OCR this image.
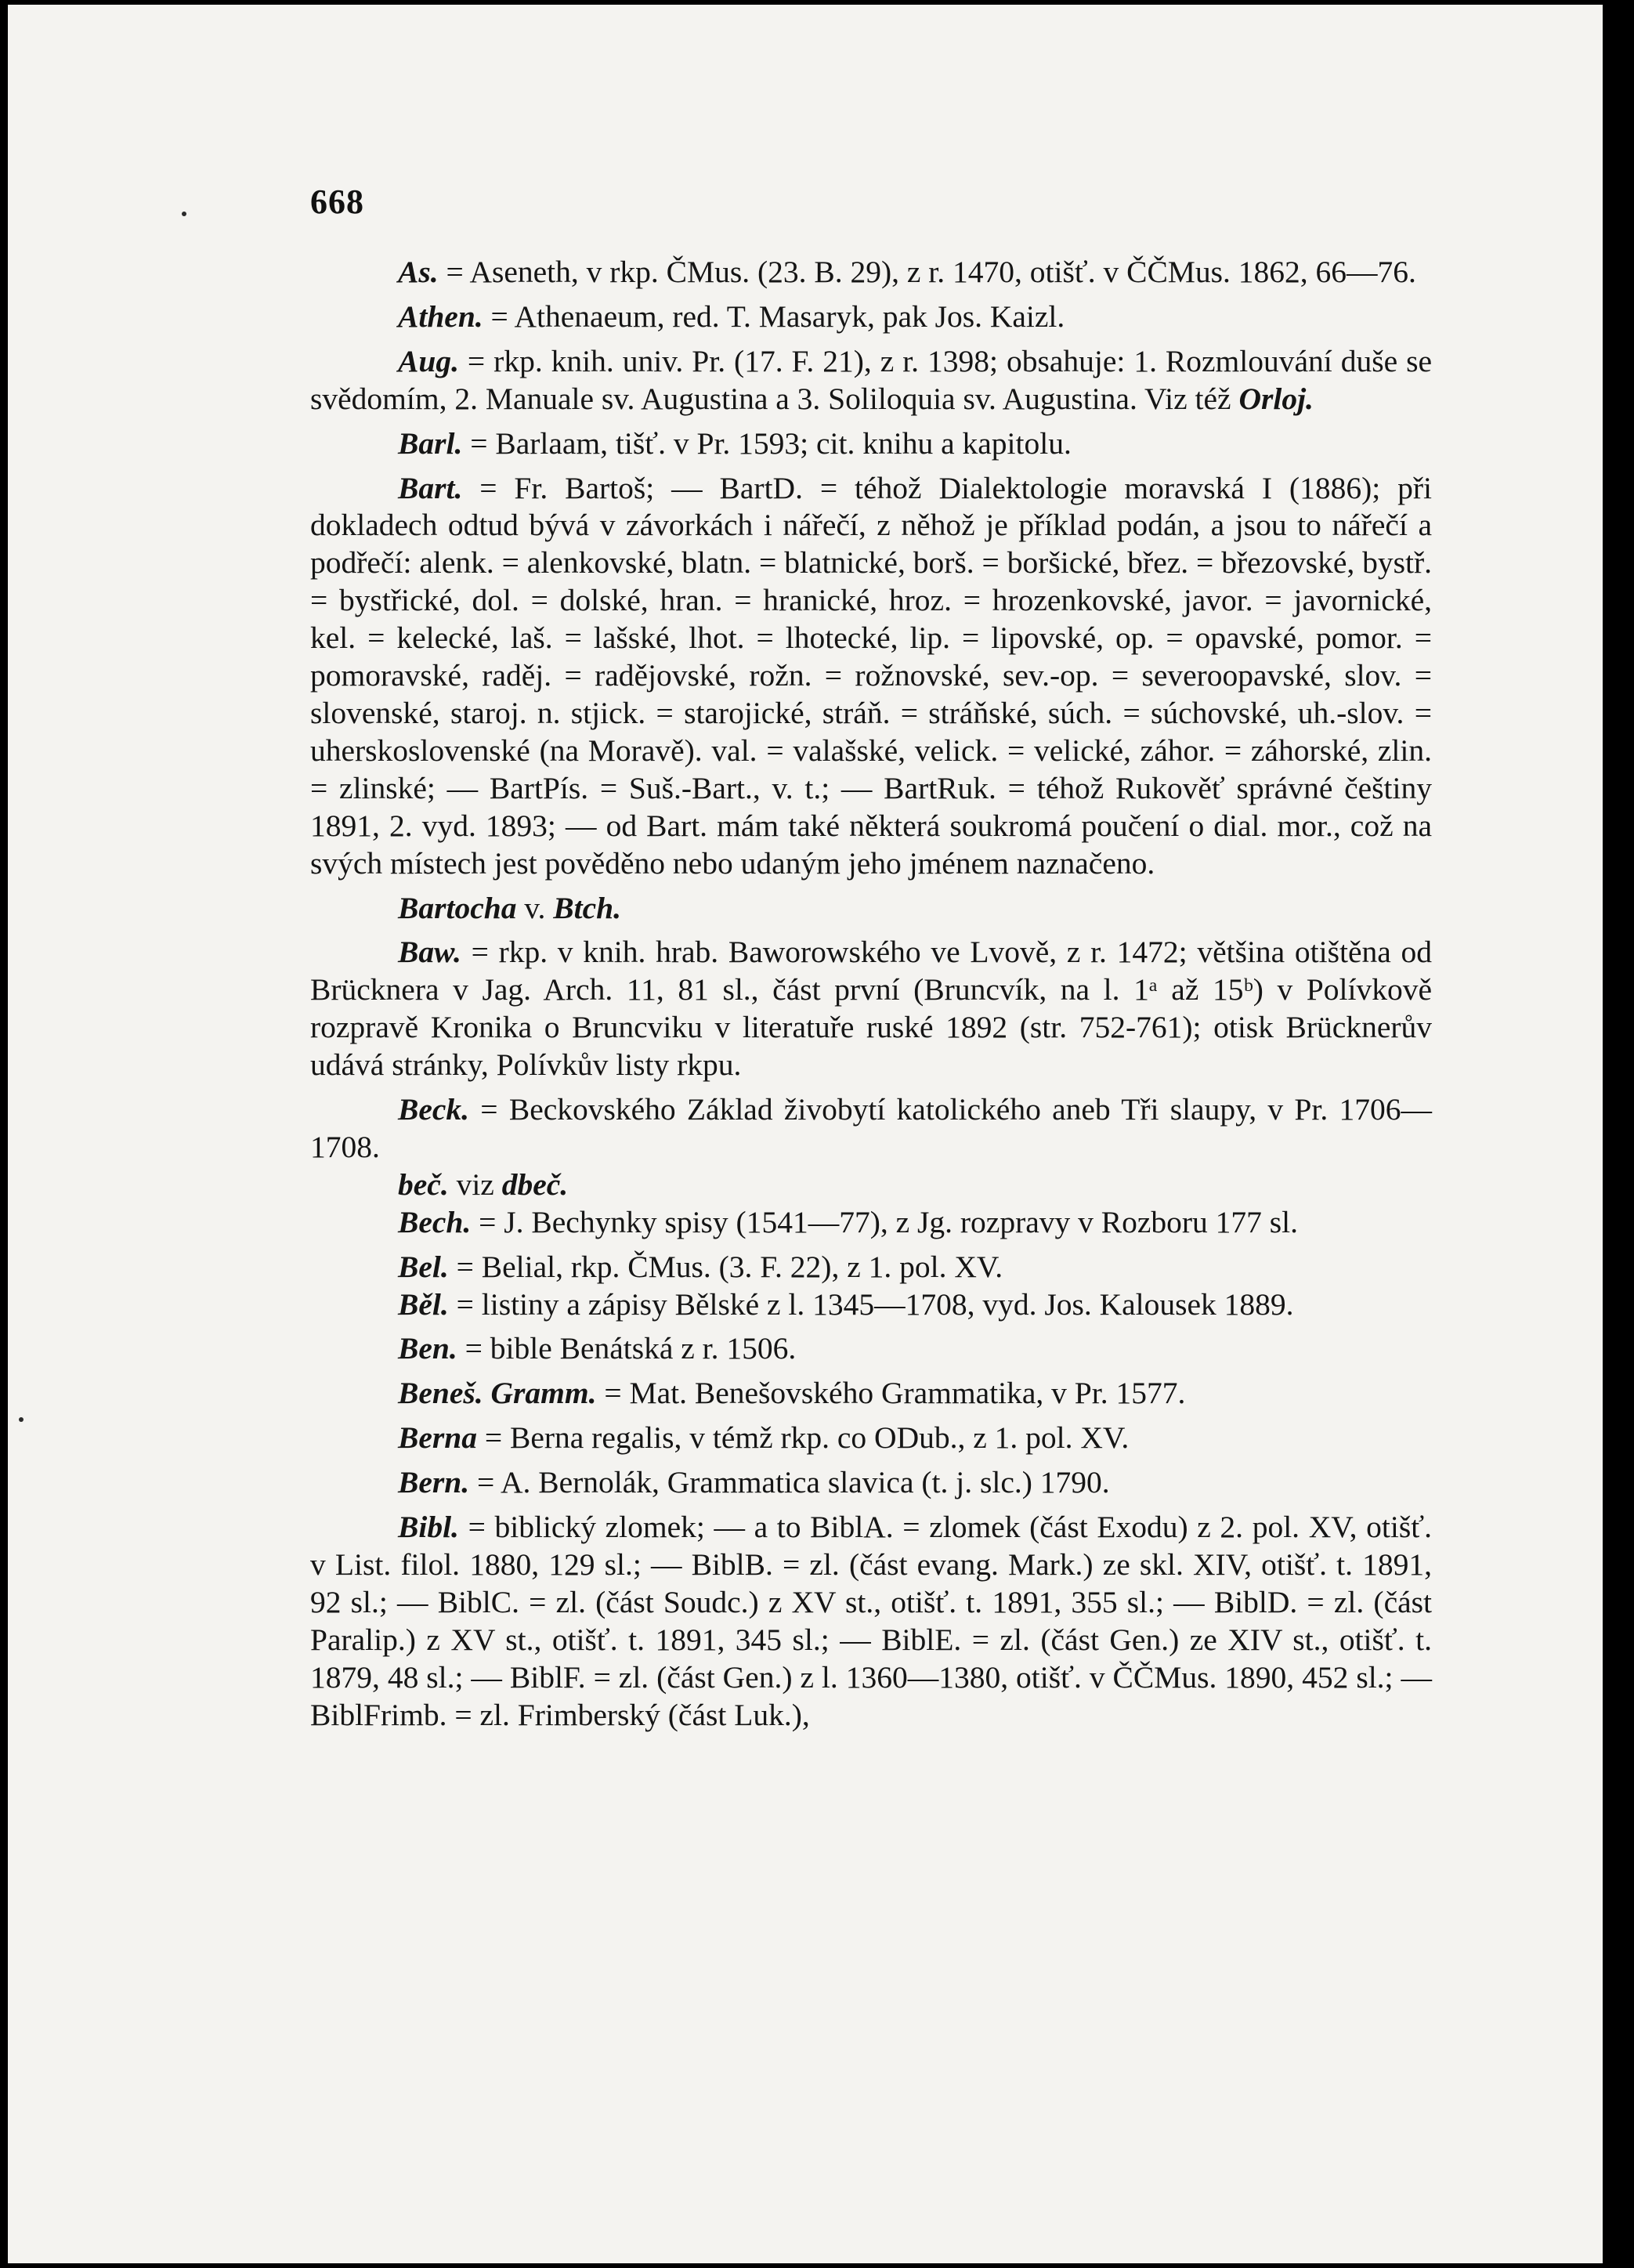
668

As. = Aseneth, v rkp. ČMus. (23. B. 29), z r. 1470, otišť. v ČČMus. 1862, 66—76.

Athen. = Athenaeum, red. T. Masaryk, pak Jos. Kaizl.

Aug. = rkp. knih. univ. Pr. (17. F. 21), z r. 1398; obsahuje: 1. Rozmlouvání duše se svědomím, 2. Manuale sv. Augustina a 3. Soliloquia sv. Augustina. Viz též Orloj.

Barl. = Barlaam, tišť. v Pr. 1593; cit. knihu a kapitolu.

Bart. = Fr. Bartoš; — BartD. = téhož Dialektologie moravská I (1886); při dokladech odtud bývá v závorkách i nářečí, z něhož je příklad podán, a jsou to nářečí a podřečí: alenk. = alenkovské, blatn. = blatnické, borš. = boršické, břez. = březovské, bystř. = bystřické, dol. = dolské, hran. = hranické, hroz. = hrozenkovské, javor. = javornické, kel. = kelecké, laš. = lašské, lhot. = lhotecké, lip. = lipovské, op. = opavské, pomor. = pomoravské, raděj. = radějovské, rožn. = rožnovské, sev.-op. = severoopavské, slov. = slovenské, staroj. n. stjick. = starojické, stráň. = stráňské, súch. = súchovské, uh.-slov. = uherskoslovenské (na Moravě). val. = valašské, velick. = velické, záhor. = záhorské, zlin. = zlinské; — BartPís. = Suš.-Bart., v. t.; — BartRuk. = téhož Rukověť správné češtiny 1891, 2. vyd. 1893; — od Bart. mám také některá soukromá poučení o dial. mor., což na svých místech jest pověděno nebo udaným jeho jménem naznačeno.

Bartocha v. Btch.

Baw. = rkp. v knih. hrab. Baworowského ve Lvově, z r. 1472; většina otištěna od Brücknera v Jag. Arch. 11, 81 sl., část první (Bruncvík, na l. 1ᵃ až 15ᵇ) v Polívkově rozpravě Kronika o Bruncviku v literatuře ruské 1892 (str. 752-761); otisk Brücknerův udává stránky, Polívkův listy rkpu.

Beck. = Beckovského Základ živobytí katolického aneb Tři slaupy, v Pr. 1706—1708.

beč. viz dbeč.

Bech. = J. Bechynky spisy (1541—77), z Jg. rozpravy v Rozboru 177 sl.

Bel. = Belial, rkp. ČMus. (3. F. 22), z 1. pol. XV.

Běl. = listiny a zápisy Bělské z l. 1345—1708, vyd. Jos. Kalousek 1889.

Ben. = bible Benátská z r. 1506.

Beneš. Gramm. = Mat. Benešovského Grammatika, v Pr. 1577.

Berna = Berna regalis, v témž rkp. co ODub., z 1. pol. XV.

Bern. = A. Bernolák, Grammatica slavica (t. j. slc.) 1790.

Bibl. = biblický zlomek; — a to BiblA. = zlomek (část Exodu) z 2. pol. XV, otišť. v List. filol. 1880, 129 sl.; — BiblB. = zl. (část evang. Mark.) ze skl. XIV, otišť. t. 1891, 92 sl.; — BiblC. = zl. (část Soudc.) z XV st., otišť. t. 1891, 355 sl.; — BiblD. = zl. (část Paralip.) z XV st., otišť. t. 1891, 345 sl.; — BiblE. = zl. (část Gen.) ze XIV st., otišť. t. 1879, 48 sl.; — BiblF. = zl. (část Gen.) z l. 1360—1380, otišť. v ČČMus. 1890, 452 sl.; — BiblFrimb. = zl. Frimberský (část Luk.),
